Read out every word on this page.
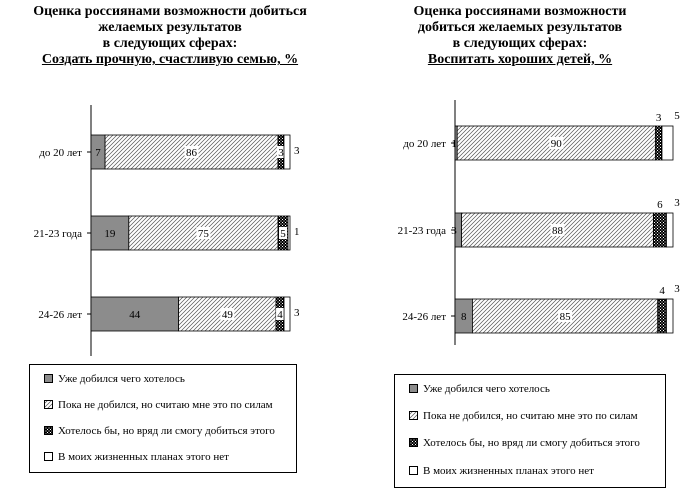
Оценка россиянами возможности добиться
желаемых результатов
в следующих сферах:
Создать прочную, счастливую семью, %
Оценка россиянами возможности
добиться желаемых результатов
в следующих сферах:
Воспитать хороших детей, %
до 20 лет 7	86	3 3
21-23 года 19	75	5 1
24-26 лет	44	49	4 3
до 20 лет 1	90
3 5
21-23 года 3	88
6 3
24-26 лет 8	85
4 3
Уже добился чего хотелось
Пока не добился, но считаю мне это по силам
Хотелось бы, но вряд ли смогу добиться этого
В моих жизненных планах этого нет
Уже добился чего хотелось
Пока не добился, но считаю мне это по силам
Хотелось бы, но вряд ли смогу добиться этого
В моих жизненных планах этого нет
